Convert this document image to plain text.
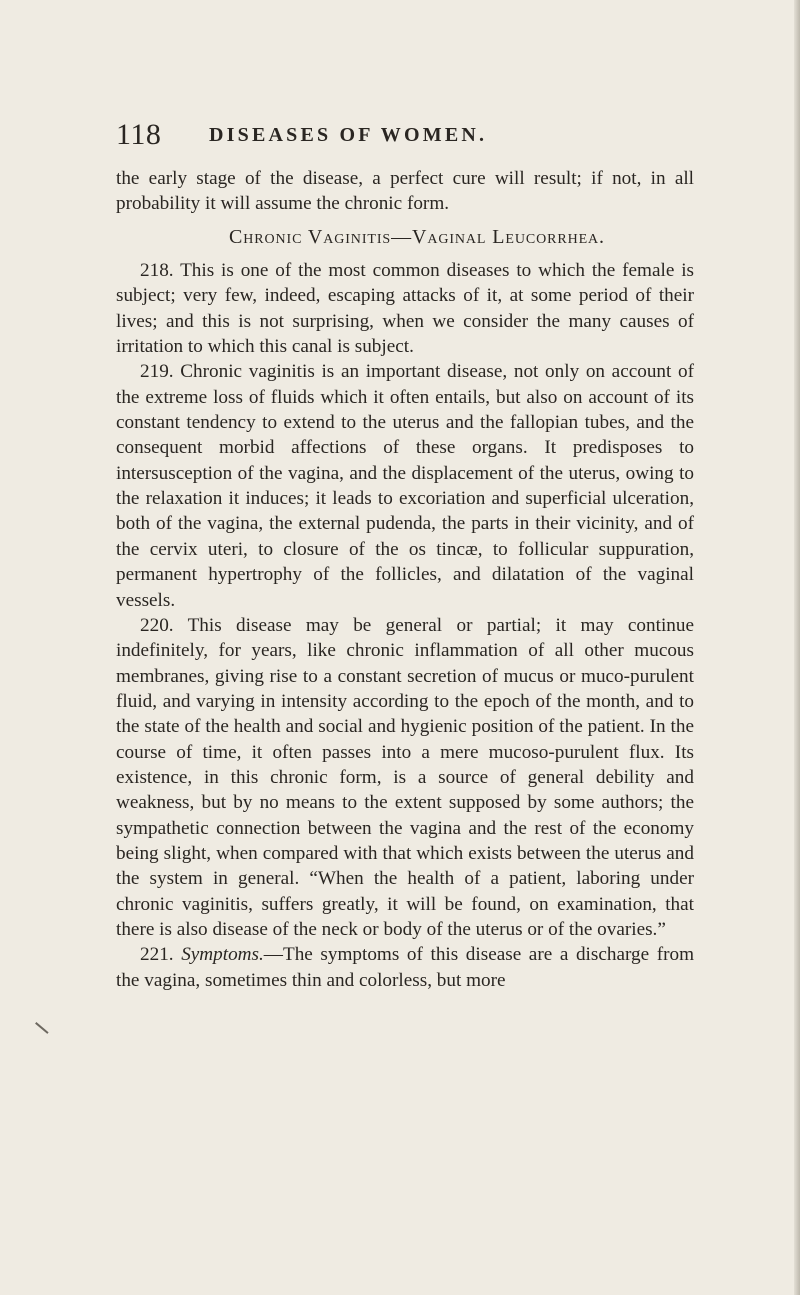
118 DISEASES OF WOMEN.

the early stage of the disease, a perfect cure will result; if not, in all probability it will assume the chronic form.

Chronic Vaginitis—Vaginal Leucorrhea.

218. This is one of the most common diseases to which the female is subject; very few, indeed, escaping attacks of it, at some period of their lives; and this is not surprising, when we consider the many causes of irritation to which this canal is subject.

219. Chronic vaginitis is an important disease, not only on account of the extreme loss of fluids which it often entails, but also on account of its constant tendency to extend to the uterus and the fallopian tubes, and the consequent morbid affections of these organs. It predisposes to intersusception of the vagina, and the displacement of the uterus, owing to the relaxation it induces; it leads to excoriation and superficial ulceration, both of the vagina, the external pudenda, the parts in their vicinity, and of the cervix uteri, to closure of the os tincæ, to follicular suppuration, permanent hypertrophy of the follicles, and dilatation of the vaginal vessels.

220. This disease may be general or partial; it may continue indefinitely, for years, like chronic inflammation of all other mucous membranes, giving rise to a constant secretion of mucus or muco-purulent fluid, and varying in intensity according to the epoch of the month, and to the state of the health and social and hygienic position of the patient. In the course of time, it often passes into a mere mucoso-purulent flux. Its existence, in this chronic form, is a source of general debility and weakness, but by no means to the extent supposed by some authors; the sympathetic connection between the vagina and the rest of the economy being slight, when compared with that which exists between the uterus and the system in general. “When the health of a patient, laboring under chronic vaginitis, suffers greatly, it will be found, on examination, that there is also disease of the neck or body of the uterus or of the ovaries.”

221. Symptoms.—The symptoms of this disease are a discharge from the vagina, sometimes thin and colorless, but more
